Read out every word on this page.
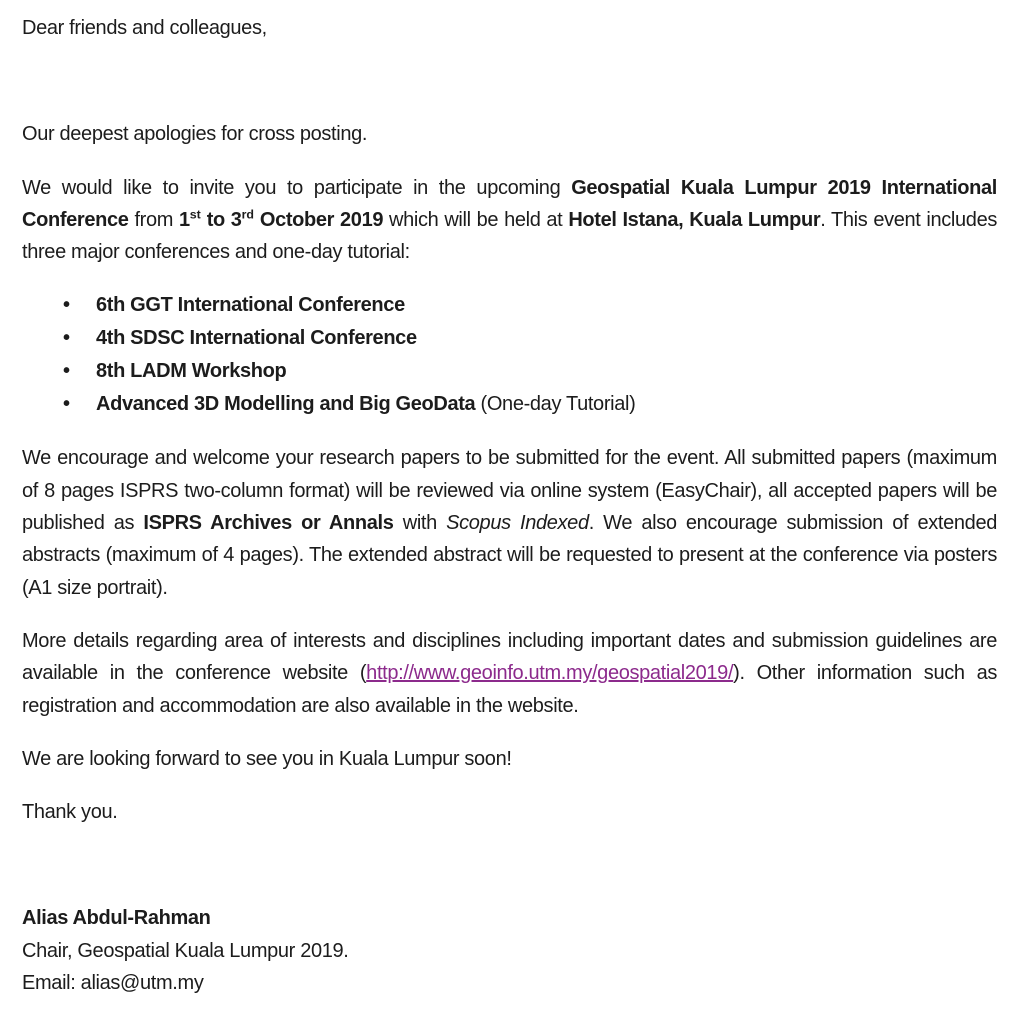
Dear friends and colleagues,

Our deepest apologies for cross posting.

We would like to invite you to participate in the upcoming Geospatial Kuala Lumpur 2019 International Conference from 1st to 3rd October 2019 which will be held at Hotel Istana, Kuala Lumpur. This event includes three major conferences and one-day tutorial:

• 6th GGT International Conference
• 4th SDSC International Conference
• 8th LADM Workshop
• Advanced 3D Modelling and Big GeoData (One-day Tutorial)

We encourage and welcome your research papers to be submitted for the event. All submitted papers (maximum of 8 pages ISPRS two-column format) will be reviewed via online system (EasyChair), all accepted papers will be published as ISPRS Archives or Annals with Scopus Indexed. We also encourage submission of extended abstracts (maximum of 4 pages). The extended abstract will be requested to present at the conference via posters (A1 size portrait).

More details regarding area of interests and disciplines including important dates and submission guidelines are available in the conference website (http://www.geoinfo.utm.my/geospatial2019/). Other information such as registration and accommodation are also available in the website.

We are looking forward to see you in Kuala Lumpur soon!

Thank you.

Alias Abdul-Rahman

Chair, Geospatial Kuala Lumpur 2019.

Email: alias@utm.my
